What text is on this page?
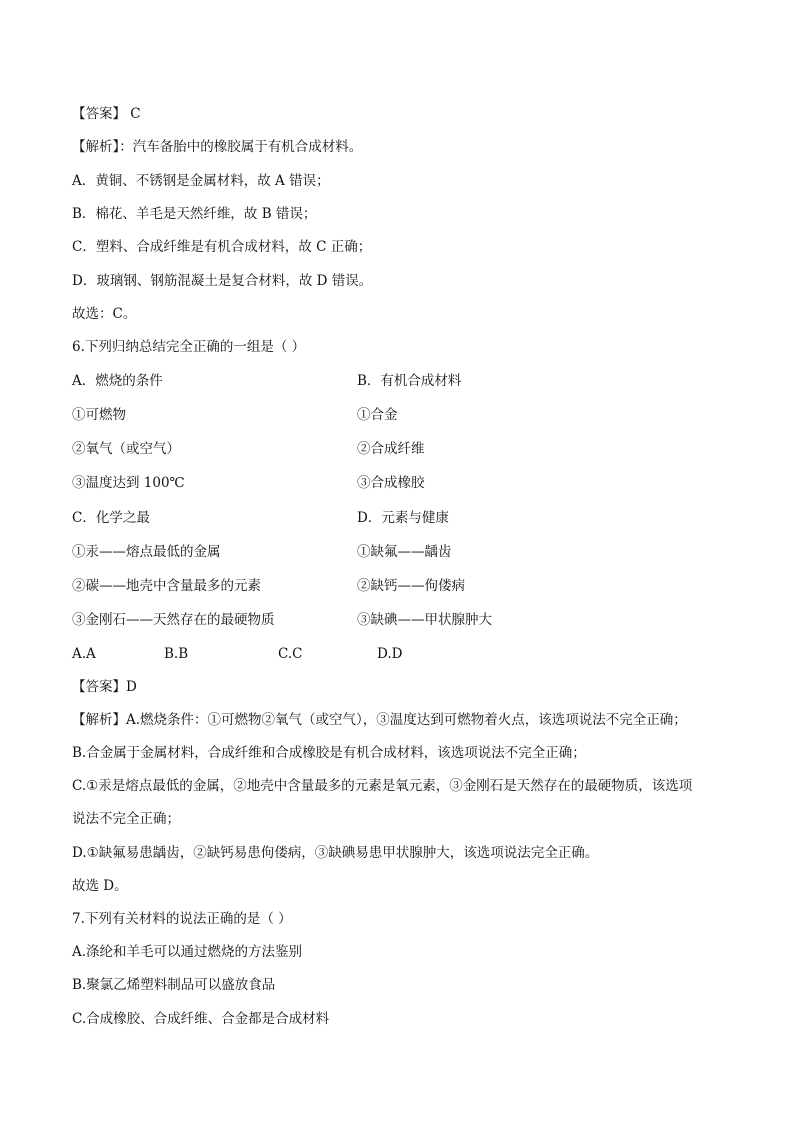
【答案】 C
【解析】：汽车备胎中的橡胶属于有机合成材料。
A．黄铜、不锈钢是金属材料，故 A 错误；
B．棉花、羊毛是天然纤维，故 B 错误；
C．塑料、合成纤维是有机合成材料，故 C 正确；
D．玻璃钢、钢筋混凝土是复合材料，故 D 错误。
故选：C。
6.下列归纳总结完全正确的一组是（ ）
A．燃烧的条件	B．有机合成材料
①可燃物	①合金
②氧气（或空气）	②合成纤维
③温度达到 100℃	③合成橡胶
C．化学之最	D．元素与健康
①汞——熔点最低的金属	①缺氟——龋齿
②碳——地壳中含量最多的元素	②缺钙——佝偻病
③金刚石——天然存在的最硬物质	③缺碘——甲状腺肿大
A.A	B.B	C.C	D.D
【答案】D
【解析】A.燃烧条件：①可燃物②氧气（或空气），③温度达到可燃物着火点，该选项说法不完全正确；
B.合金属于金属材料，合成纤维和合成橡胶是有机合成材料，该选项说法不完全正确；
C.①汞是熔点最低的金属，②地壳中含量最多的元素是氧元素，③金刚石是天然存在的最硬物质，该选项
说法不完全正确；
D.①缺氟易患龋齿，②缺钙易患佝偻病，③缺碘易患甲状腺肿大，该选项说法完全正确。
故选 D。
7.下列有关材料的说法正确的是（ ）
A.涤纶和羊毛可以通过燃烧的方法鉴别
B.聚氯乙烯塑料制品可以盛放食品
C.合成橡胶、合成纤维、合金都是合成材料
